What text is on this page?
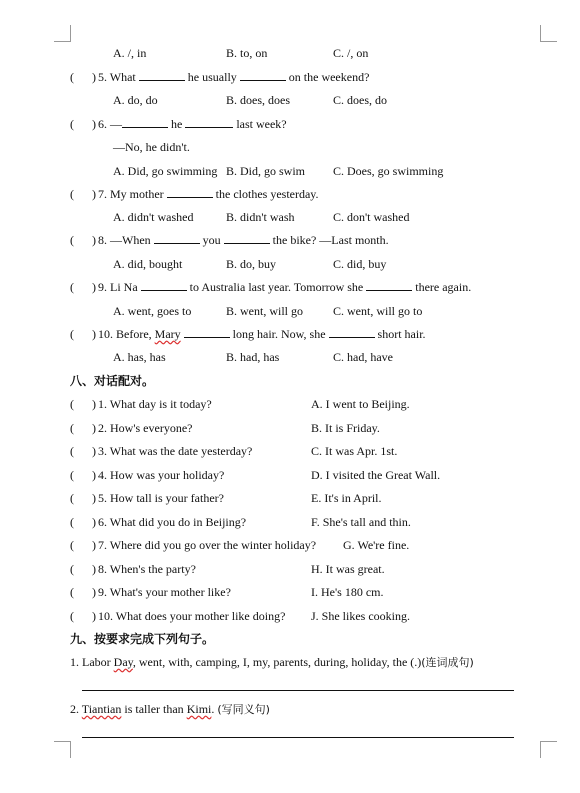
A. /, in	B. to, on	C. /, on
( ) 5. What	he usually	on the weekend?
A. do, do	B. does, does	C. does, do
( ) 6. —	he	last week?
—No, he didn't.
A. Did, go swimming B. Did, go swim C. Does, go swimming
( ) 7. My mother	the clothes yesterday.
A. didn't washed	B. didn't wash	C. don't washed
( ) 8. —When	you	the bike? —Last month.
A. did, bought	B. do, buy	C. did, buy
( ) 9. Li Na	to Australia last year. Tomorrow she	there again.
A. went, goes to	B. went, will go	C. went, will go to
( ) 10. Before, Mary	long hair. Now, she	short hair.
A. has, has	B. had, has	C. had, have
八、对话配对。
( ) 1. What day is it today?	A. I went to Beijing.
( ) 2. How's everyone?	B. It is Friday.
( ) 3. What was the date yesterday?	C. It was Apr. 1st.
( ) 4. How was your holiday?	D. I visited the Great Wall.
( ) 5. How tall is your father?	E. It's in April.
( ) 6. What did you do in Beijing?	F. She's tall and thin.
( ) 7. Where did you go over the winter holiday? G. We're fine.
( ) 8. When's the party?	H. It was great.
( ) 9. What's your mother like?	I. He's 180 cm.
( ) 10. What does your mother like doing? J. She likes cooking.
九、按要求完成下列句子。
1. Labor Day, went, with, camping, I, my, parents, during, holiday, the (.)(连词成句)
2. Tiantian is taller than Kimi. (写同义句)
